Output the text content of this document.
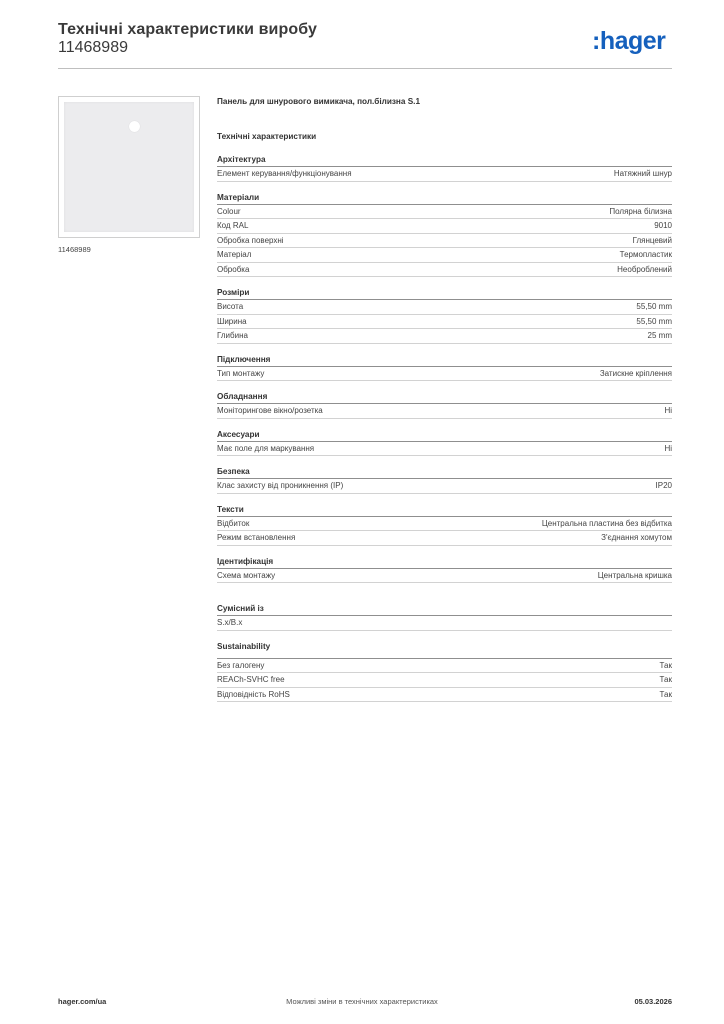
Технічні характеристики виробу
11468989	:hager
11468989
Панель для шнурового вимикача, пол.білизна S.1
Технічні характеристики
Архітектура
Елемент керування/функціонування	Натяжний шнур
Матеріали
Colour	Полярна білизна
Код RAL	9010
Обробка поверхні	Глянцевий
Матеріал	Термопластик
Обробка	Необроблений
Розміри
Висота	55,50 mm
Ширина	55,50 mm
Глибина	25 mm
Підключення
Тип монтажу	Затискне кріплення
Обладнання
Моніторингове вікно/розетка	Ні
Аксесуари
Має поле для маркування	Ні
Безпека
Клас захисту від проникнення (IP)	IP20
Тексти
Відбиток	Центральна пластина без відбитка
Режим встановлення	З'єднання хомутом
Ідентифікація
Схема монтажу	Центральна кришка
Сумісний із
S.x/B.x
Sustainability
Без галогену	Так
REACh-SVHC free	Так
Відповідність RoHS	Так
hager.com/ua	Можливі зміни в технічних характеристиках	05.03.2026
